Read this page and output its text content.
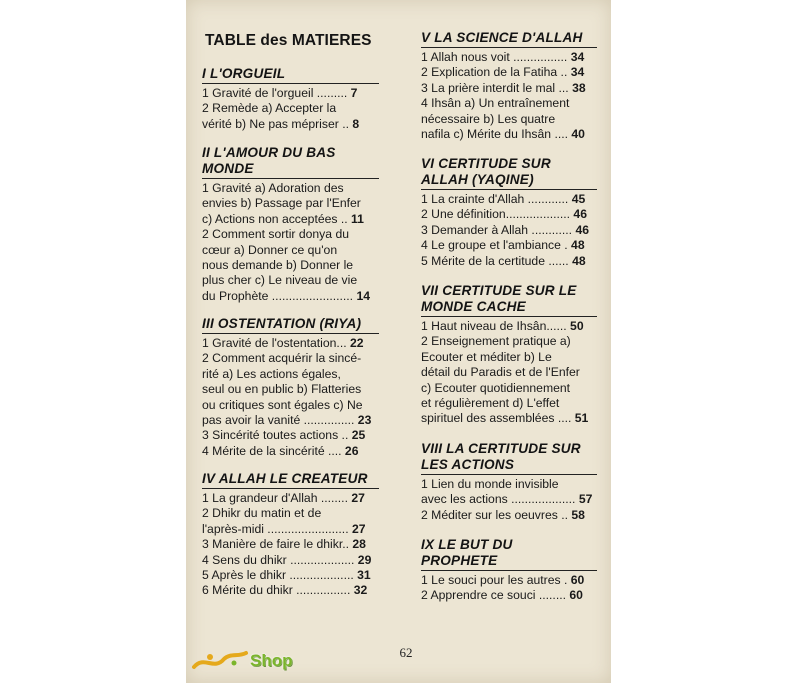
TABLE des MATIERES
I L'ORGUEIL
1 Gravité de l'orgueil ......... 7
2 Remède a) Accepter la
vérité b) Ne pas mépriser .. 8
II L'AMOUR DU BAS
MONDE
1 Gravité a) Adoration des
envies b) Passage par l'Enfer
c) Actions non acceptées .. 11
2 Comment sortir donya du
cœur a) Donner ce qu'on
nous demande b) Donner le
plus cher c) Le niveau de vie
du Prophète ........................ 14
III OSTENTATION (RIYA)
1 Gravité de l'ostentation... 22
2 Comment acquérir la sincé-
rité a) Les actions égales,
seul ou en public b) Flatteries
ou critiques sont égales c) Ne
pas avoir la vanité ............... 23
3 Sincérité toutes actions .. 25
4 Mérite de la sincérité .... 26
IV ALLAH LE CREATEUR
1 La grandeur d'Allah ........ 27
2 Dhikr du matin et de
l'après-midi ........................ 27
3 Manière de faire le dhikr.. 28
4 Sens du dhikr ................... 29
5 Après le dhikr ................... 31
6 Mérite du dhikr ................ 32
V LA SCIENCE D'ALLAH
1 Allah nous voit ................ 34
2 Explication de la Fatiha .. 34
3 La prière interdit le mal ... 38
4 Ihsân a) Un entraînement
nécessaire b) Les quatre
nafila c) Mérite du Ihsân .... 40
VI CERTITUDE SUR
ALLAH (YAQINE)
1 La crainte d'Allah ............ 45
2 Une définition................... 46
3 Demander à Allah ............ 46
4 Le groupe et l'ambiance . 48
5 Mérite de la certitude ...... 48
VII CERTITUDE SUR LE
MONDE CACHE
1 Haut niveau de Ihsân...... 50
2 Enseignement pratique a)
Ecouter et méditer b) Le
détail du Paradis et de l'Enfer
c) Ecouter quotidiennement
et régulièrement d) L'effet
spirituel des assemblées .... 51
VIII LA CERTITUDE SUR
LES ACTIONS
1 Lien du monde invisible
avec les actions ................... 57
2 Méditer sur les oeuvres .. 58
IX LE BUT DU
PROPHETE
1 Le souci pour les autres . 60
2 Apprendre ce souci ........ 60
62
Shop
